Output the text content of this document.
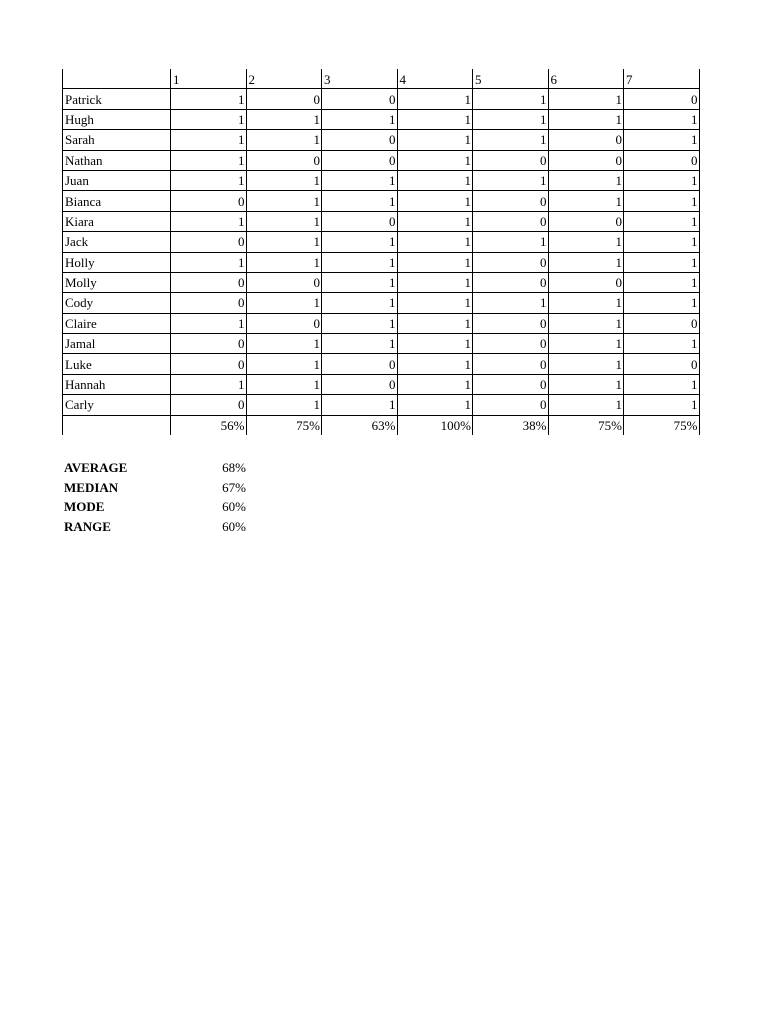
	1	2	3	4	5	6	7
Patrick	1	0	0	1	1	1	0
Hugh	1	1	1	1	1	1	1
Sarah	1	1	0	1	1	0	1
Nathan	1	0	0	1	0	0	0
Juan	1	1	1	1	1	1	1
Bianca	0	1	1	1	0	1	1
Kiara	1	1	0	1	0	0	1
Jack	0	1	1	1	1	1	1
Holly	1	1	1	1	0	1	1
Molly	0	0	1	1	0	0	1
Cody	0	1	1	1	1	1	1
Claire	1	0	1	1	0	1	0
Jamal	0	1	1	1	0	1	1
Luke	0	1	0	1	0	1	0
Hannah	1	1	0	1	0	1	1
Carly	0	1	1	1	0	1	1
	56%	75%	63%	100%	38%	75%	75%
AVERAGE	68%
MEDIAN	67%
MODE	60%
RANGE	60%
